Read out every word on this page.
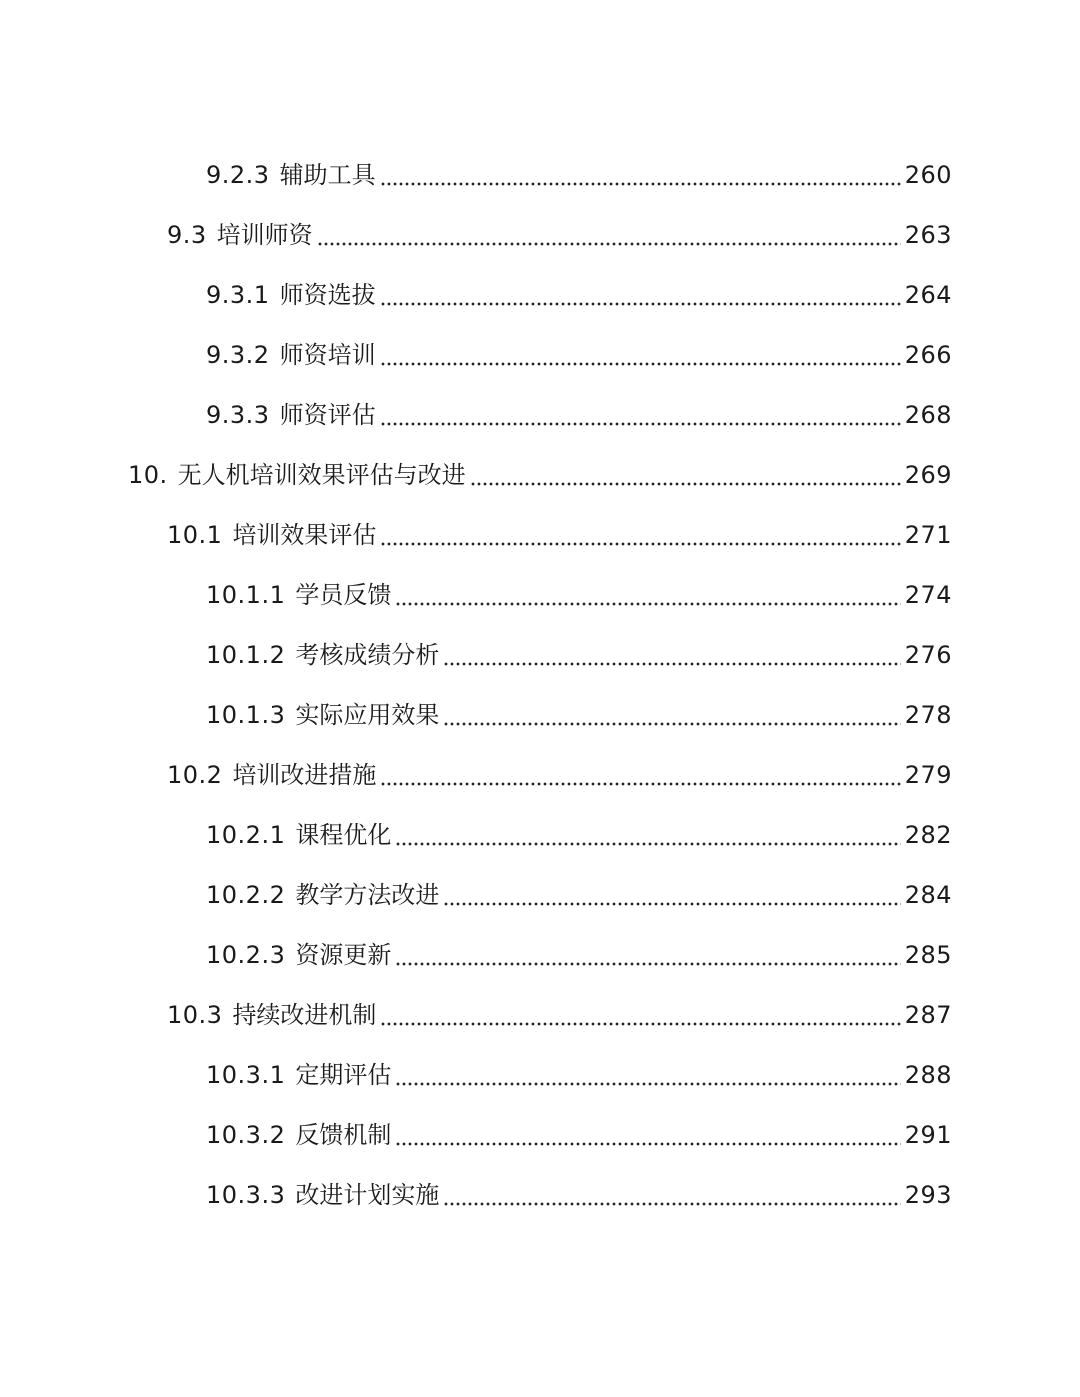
9.2.3 辅助工具	260
9.3 培训师资	263
9.3.1 师资选拔	264
9.3.2 师资培训	266
9.3.3 师资评估	268
10. 无人机培训效果评估与改进	269
10.1 培训效果评估	271
10.1.1 学员反馈	274
10.1.2 考核成绩分析	276
10.1.3 实际应用效果	278
10.2 培训改进措施	279
10.2.1 课程优化	282
10.2.2 教学方法改进	284
10.2.3 资源更新	285
10.3 持续改进机制	287
10.3.1 定期评估	288
10.3.2 反馈机制	291
10.3.3 改进计划实施	293
